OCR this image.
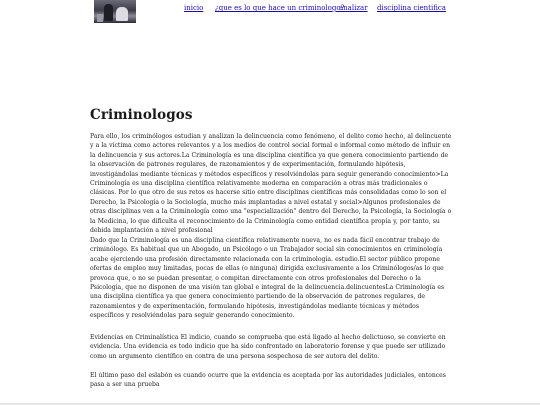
inicio ¿que es lo que hace un criminologo?
analizar disciplina cientifica
Criminologos

Para ello, los criminólogos estudian y analizan la delincuencia como fenómeno, el delito como hecho, al delincuente y a la víctima como actores relevantes y a los medios de control social formal e informal como método de influir en la delincuencia y sus actores.La Criminología es una disciplina científica ya que genera conocimiento partiendo de la observación de patrones regulares, de razonamientos y de experimentación, formulando hipótesis, investigándolas mediante técnicas y métodos específicos y resolviéndolas para seguir generando conocimiento>La Criminología es una disciplina científica relativamente moderna en comparación a otras más tradicionales o clásicas. Por lo que otro de sus retos es hacerse sitio entre disciplinas científicas más consolidadas como lo son el Derecho, la Psicología o la Sociología, mucho más implantadas a nivel estatal y social>Algunos profesionales de otras disciplinas ven a la Criminología como una "especialización" dentro del Derecho, la Psicología, la Sociología o la Medicina, lo que dificulta el reconocimiento de la Criminología como entidad científica propia y, por tanto, su debida implantación a nivel profesional

Dado que la Criminología es una disciplina científica relativamente nueva, no es nada fácil encontrar trabajo de criminólogo. Es habitual que un Abogado, un Psicólogo o un Trabajador social sin conocimientos en criminología acabe ejerciendo una profesión directamente relacionada con la criminología. estudio.El sector público propone ofertas de empleo muy limitadas, pocas de ellas (o ninguna) dirigida exclusivamente a los Criminólogos/as lo que provoca que, o no se puedan presentar, o compitan directamente con otros profesionales del Derecho o la Psicología, que no disponen de una visión tan global e integral de la delincuencia.delincuentesLa Criminología es una disciplina científica ya que genera conocimiento partiendo de la observación de patrones regulares, de razonamientos y de experimentación, formulando hipótesis, investigándolas mediante técnicas y métodos específicos y resolviéndolas para seguir generando conocimiento.

Evidencias en Criminalística El indicio, cuando se comprueba que está ligado al hecho delictuoso, se convierte en evidencia. Una evidencia es todo indicio que ha sido confrontado en laboratorio forense y que puede ser utilizado como un argumento científico en contra de una persona sospechosa de ser autora del delito.

El último paso del eslabón es cuando ocurre que la evidencia es aceptada por las autoridades judiciales, entonces pasa a ser una prueba
